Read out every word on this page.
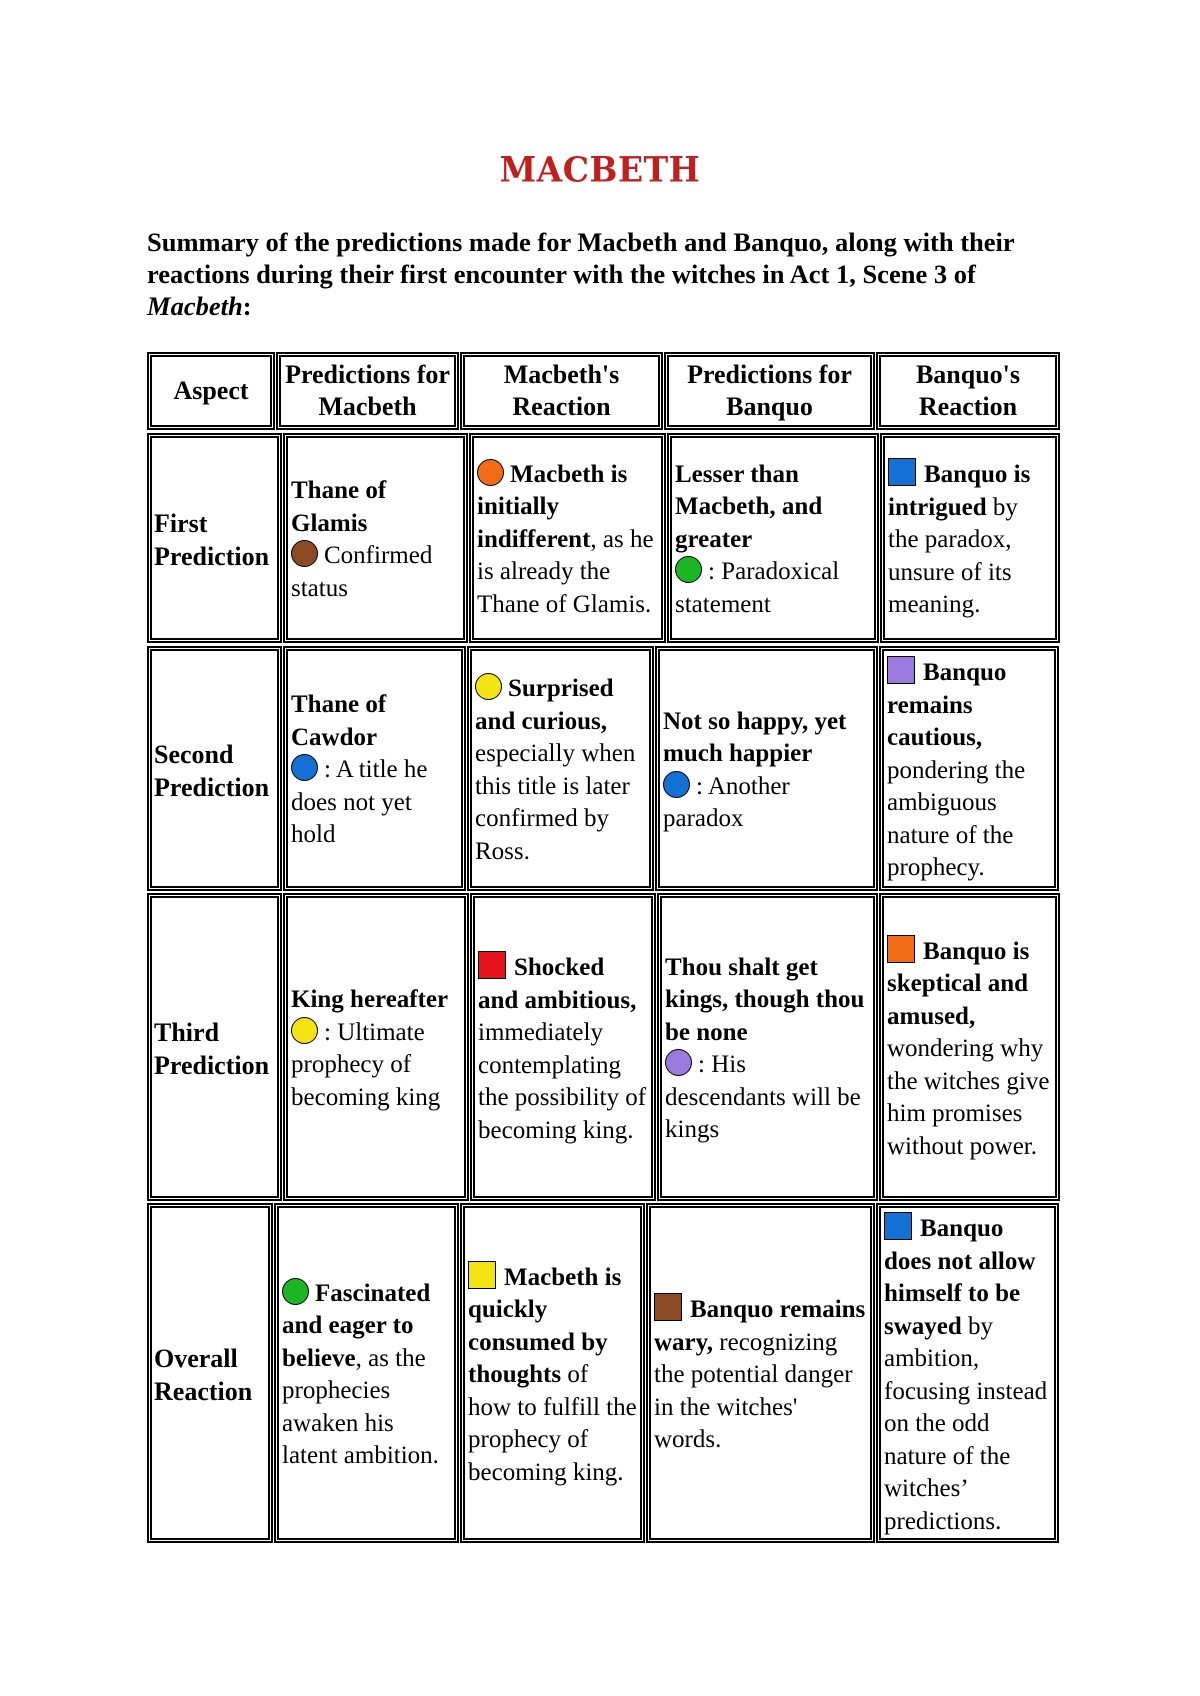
MACBETH
Summary of the predictions made for Macbeth and Banquo, along with their reactions during their first encounter with the witches in Act 1, Scene 3 of Macbeth:
Aspect
Predictions for Macbeth
Macbeth's Reaction
Predictions for Banquo
Banquo's Reaction
First Prediction
Thane of Glamis
Confirmed status
Macbeth is initially indifferent, as he is already the Thane of Glamis.
Lesser than Macbeth, and greater
: Paradoxical statement
Banquo is intrigued by the paradox, unsure of its meaning.
Second Prediction
Thane of Cawdor
: A title he does not yet hold
Surprised and curious, especially when this title is later confirmed by Ross.
Not so happy, yet much happier
: Another paradox
Banquo remains cautious, pondering the ambiguous nature of the prophecy.
Third Prediction
King hereafter
: Ultimate prophecy of becoming king
Shocked and ambitious, immediately contemplating the possibility of becoming king.
Thou shalt get kings, though thou be none
: His descendants will be kings
Banquo is skeptical and amused, wondering why the witches give him promises without power.
Overall Reaction
Fascinated and eager to believe, as the prophecies awaken his latent ambition.
Macbeth is quickly consumed by thoughts of how to fulfill the prophecy of becoming king.
Banquo remains wary, recognizing the potential danger in the witches' words.
Banquo does not allow himself to be swayed by ambition, focusing instead on the odd nature of the witches’ predictions.
